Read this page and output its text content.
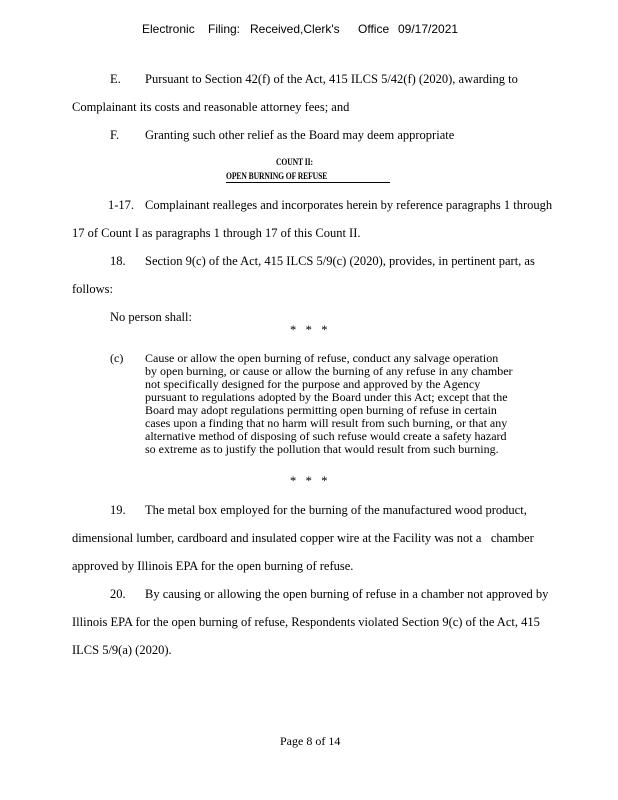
Electronic Filing: Received,Clerk's Office 09/17/2021
E. Pursuant to Section 42(f) of the Act, 415 ILCS 5/42(f) (2020), awarding to
Complainant its costs and reasonable attorney fees; and
F. Granting such other relief as the Board may deem appropriate
COUNT II:
OPEN BURNING OF REFUSE
1-17. Complainant realleges and incorporates herein by reference paragraphs 1 through
17 of Count I as paragraphs 1 through 17 of this Count II.
18. Section 9(c) of the Act, 415 ILCS 5/9(c) (2020), provides, in pertinent part, as
follows:
No person shall:
*   *   *
(c) Cause or allow the open burning of refuse, conduct any salvage operation
by open burning, or cause or allow the burning of any refuse in any chamber
not specifically designed for the purpose and approved by the Agency
pursuant to regulations adopted by the Board under this Act; except that the
Board may adopt regulations permitting open burning of refuse in certain
cases upon a finding that no harm will result from such burning, or that any
alternative method of disposing of such refuse would create a safety hazard
so extreme as to justify the pollution that would result from such burning.
*   *   *
19. The metal box employed for the burning of the manufactured wood product,
dimensional lumber, cardboard and insulated copper wire at the Facility was not a   chamber
approved by Illinois EPA for the open burning of refuse.
20. By causing or allowing the open burning of refuse in a chamber not approved by
Illinois EPA for the open burning of refuse, Respondents violated Section 9(c) of the Act, 415
ILCS 5/9(a) (2020).
Page 8 of 14
